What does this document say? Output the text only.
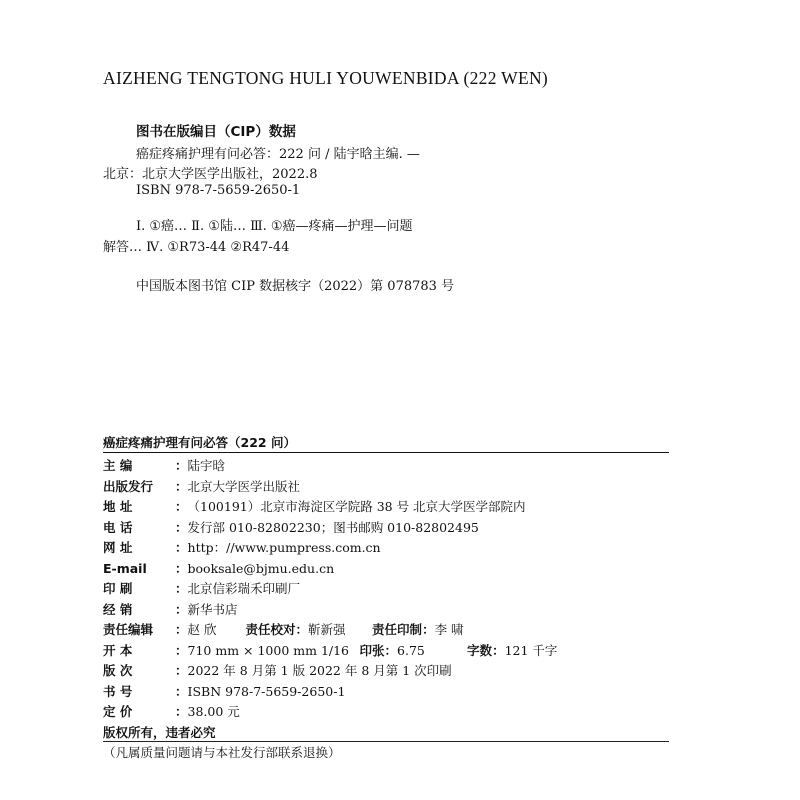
AIZHENG TENGTONG HULI YOUWENBIDA (222 WEN)
图书在版编目（CIP）数据
癌症疼痛护理有问必答：222 问 / 陆宇晗主编. —
北京：北京大学医学出版社，2022.8
ISBN 978-7-5659-2650-1
Ⅰ. ①癌… Ⅱ. ①陆… Ⅲ. ①癌—疼痛—护理—问题
解答… Ⅳ. ①R73-44 ②R47-44
中国版本图书馆 CIP 数据核字（2022）第 078783 号
癌症疼痛护理有问必答（222 问）
主 编	： 陆宇晗
出版发行	： 北京大学医学出版社
地 址	： （100191）北京市海淀区学院路 38 号 北京大学医学部院内
电 话	： 发行部 010-82802230；图书邮购 010-82802495
网 址	： http：//www.pumpress.com.cn
E-mail	： booksale@bjmu.edu.cn
印 刷	： 北京信彩瑞禾印刷厂
经 销	： 新华书店
责任编辑	： 赵 欣	责任校对 ： 靳新强	责任印制 ： 李 啸
开 本	： 710 mm × 1000 mm 1/16 印张 ： 6.75	字数 ： 121 千字
版 次	： 2022 年 8 月第 1 版 2022 年 8 月第 1 次印刷
书 号	： ISBN 978-7-5659-2650-1
定 价	： 38.00 元
版权所有，违者必究
（凡属质量问题请与本社发行部联系退换）
